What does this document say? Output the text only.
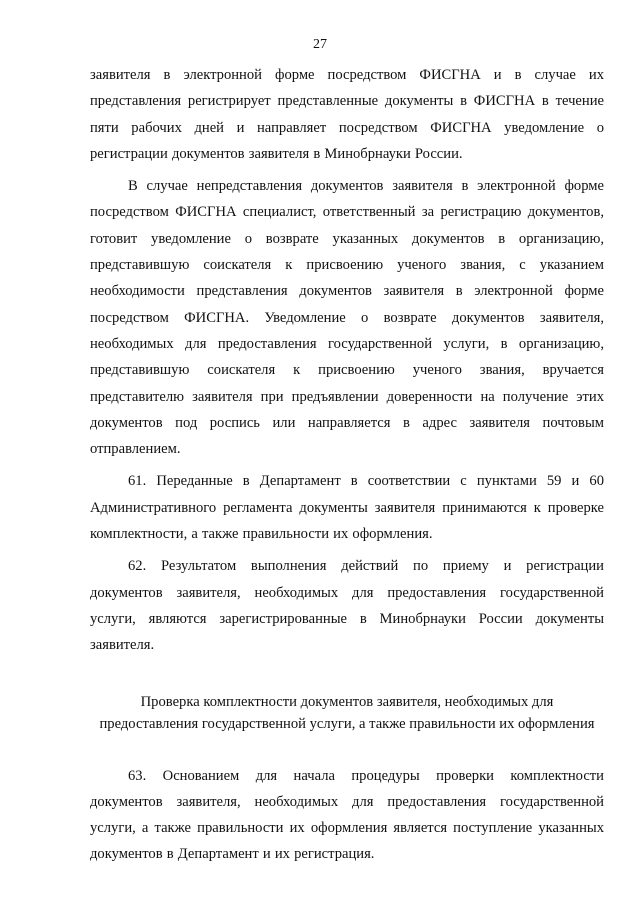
27

заявителя в электронной форме посредством ФИСГНА и в случае их представления регистрирует представленные документы в ФИСГНА в течение пяти рабочих дней и направляет посредством ФИСГНА уведомление о регистрации документов заявителя в Минобрнауки России.

В случае непредставления документов заявителя в электронной форме посредством ФИСГНА специалист, ответственный за регистрацию документов, готовит уведомление о возврате указанных документов в организацию, представившую соискателя к присвоению ученого звания, с указанием необходимости представления документов заявителя в электронной форме посредством ФИСГНА. Уведомление о возврате документов заявителя, необходимых для предоставления государственной услуги, в организацию, представившую соискателя к присвоению ученого звания, вручается представителю заявителя при предъявлении доверенности на получение этих документов под роспись или направляется в адрес заявителя почтовым отправлением.

61. Переданные в Департамент в соответствии с пунктами 59 и 60 Административного регламента документы заявителя принимаются к проверке комплектности, а также правильности их оформления.

62. Результатом выполнения действий по приему и регистрации документов заявителя, необходимых для предоставления государственной услуги, являются зарегистрированные в Минобрнауки России документы заявителя.

Проверка комплектности документов заявителя, необходимых для
предоставления государственной услуги, а также правильности их оформления

63. Основанием для начала процедуры проверки комплектности документов заявителя, необходимых для предоставления государственной услуги, а также правильности их оформления является поступление указанных документов в Департамент и их регистрация.
